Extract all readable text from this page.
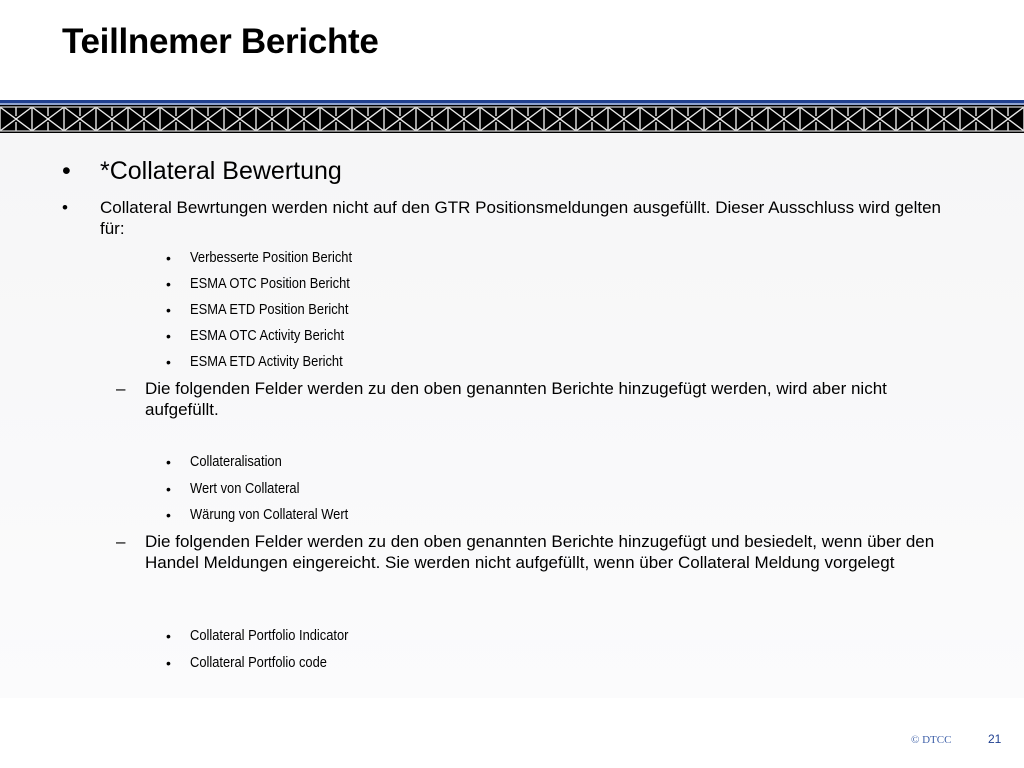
Teillnemer Berichte
• *Collateral Bewertung
• Collateral Bewrtungen werden nicht auf den GTR Positionsmeldungen ausgefüllt. Dieser Ausschluss wird gelten für:
• Verbesserte Position Bericht
• ESMA OTC Position Bericht
• ESMA ETD Position Bericht
• ESMA OTC Activity Bericht
• ESMA ETD Activity Bericht
– Die folgenden Felder werden zu den oben genannten Berichte hinzugefügt werden, wird aber nicht aufgefüllt.
• Collateralisation
• Wert von Collateral
• Wärung von Collateral Wert
– Die folgenden Felder werden zu den oben genannten Berichte hinzugefügt und besiedelt, wenn über den Handel Meldungen eingereicht. Sie werden nicht aufgefüllt, wenn über Collateral Meldung vorgelegt
• Collateral Portfolio Indicator
• Collateral Portfolio code
© DTCC	21
